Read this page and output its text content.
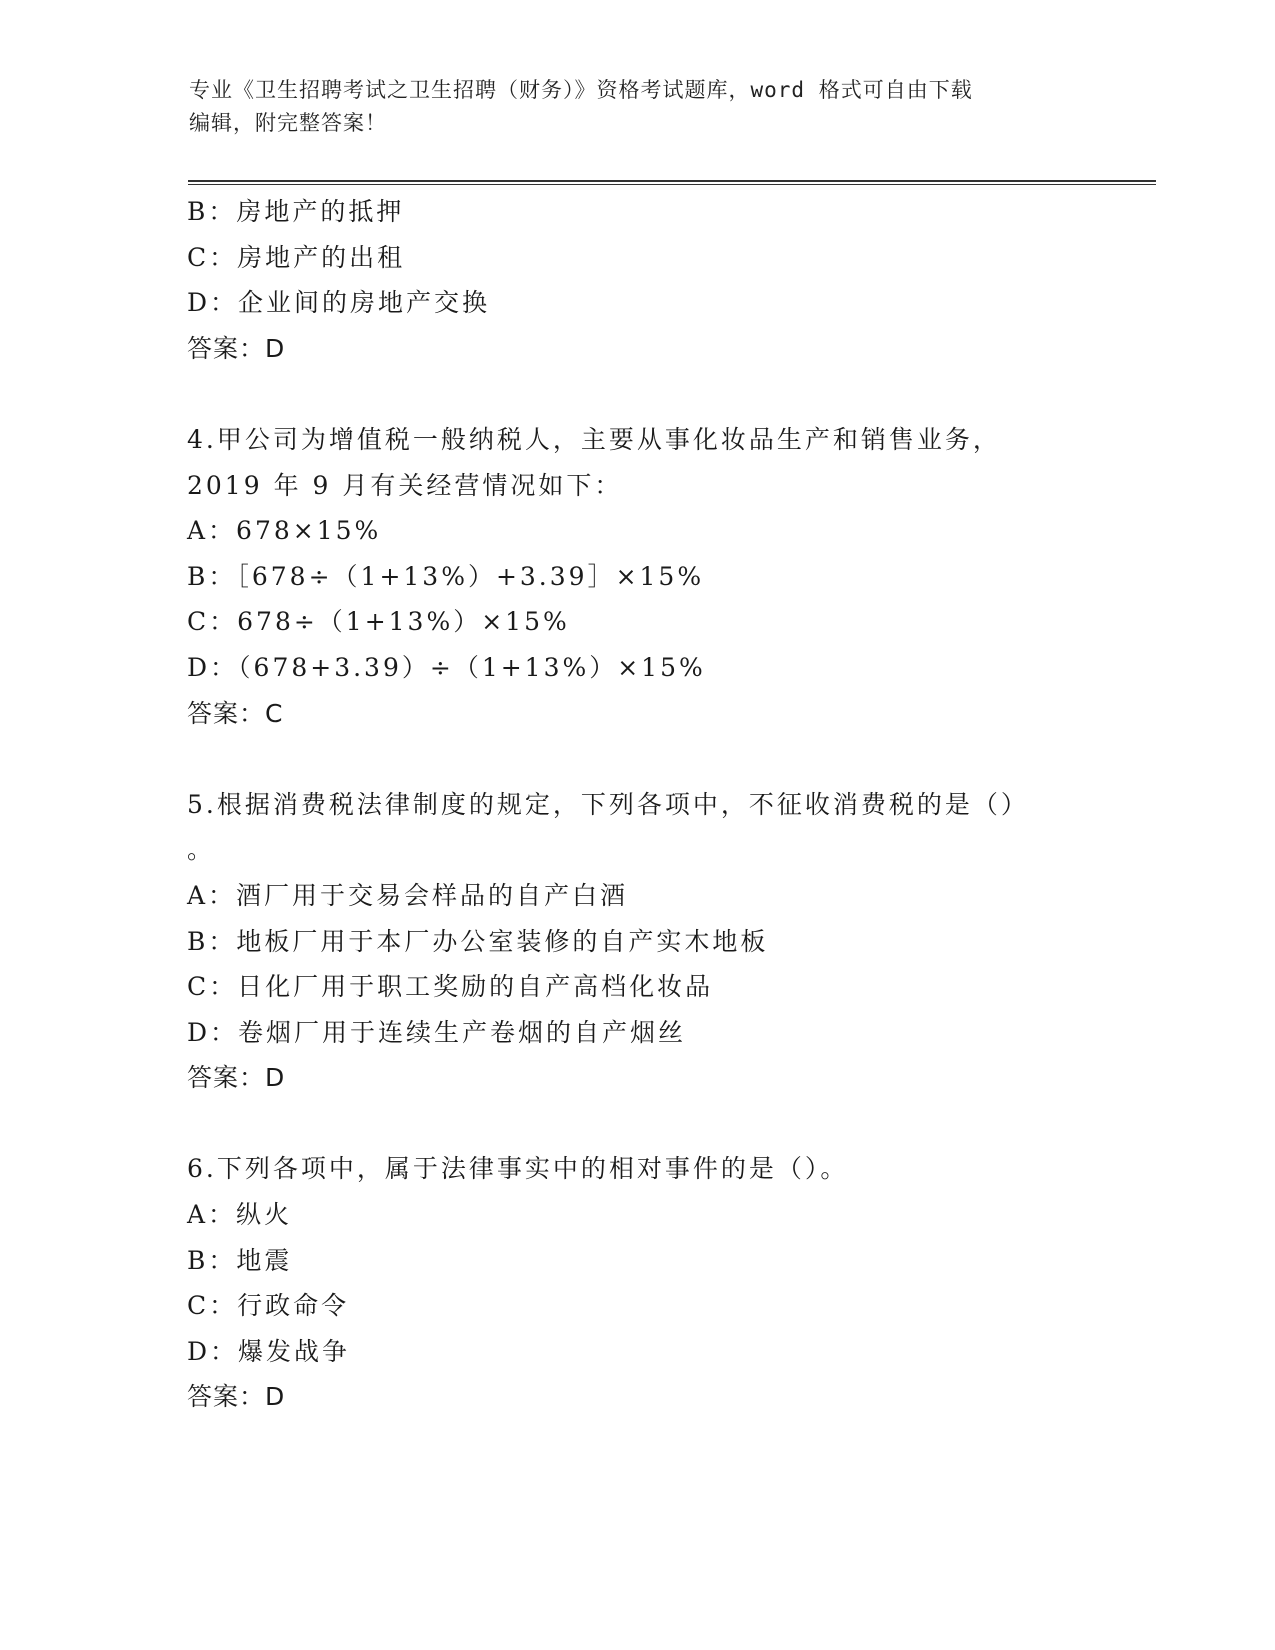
专业《卫生招聘考试之卫生招聘（财务）》资格考试题库，word 格式可自由下载
编辑，附完整答案！
B：房地产的抵押
C：房地产的出租
D：企业间的房地产交换
答案：D
4.甲公司为增值税一般纳税人，主要从事化妆品生产和销售业务，
2019 年 9 月有关经营情况如下：
A：678×15%
B：［678÷（1+13%）+3.39］×15%
C：678÷（1+13%）×15%
D：（678+3.39）÷（1+13%）×15%
答案：C
5.根据消费税法律制度的规定，下列各项中，不征收消费税的是（）
。
A：酒厂用于交易会样品的自产白酒
B：地板厂用于本厂办公室装修的自产实木地板
C：日化厂用于职工奖励的自产高档化妆品
D：卷烟厂用于连续生产卷烟的自产烟丝
答案：D
6.下列各项中，属于法律事实中的相对事件的是（）。
A：纵火
B：地震
C：行政命令
D：爆发战争
答案：D
